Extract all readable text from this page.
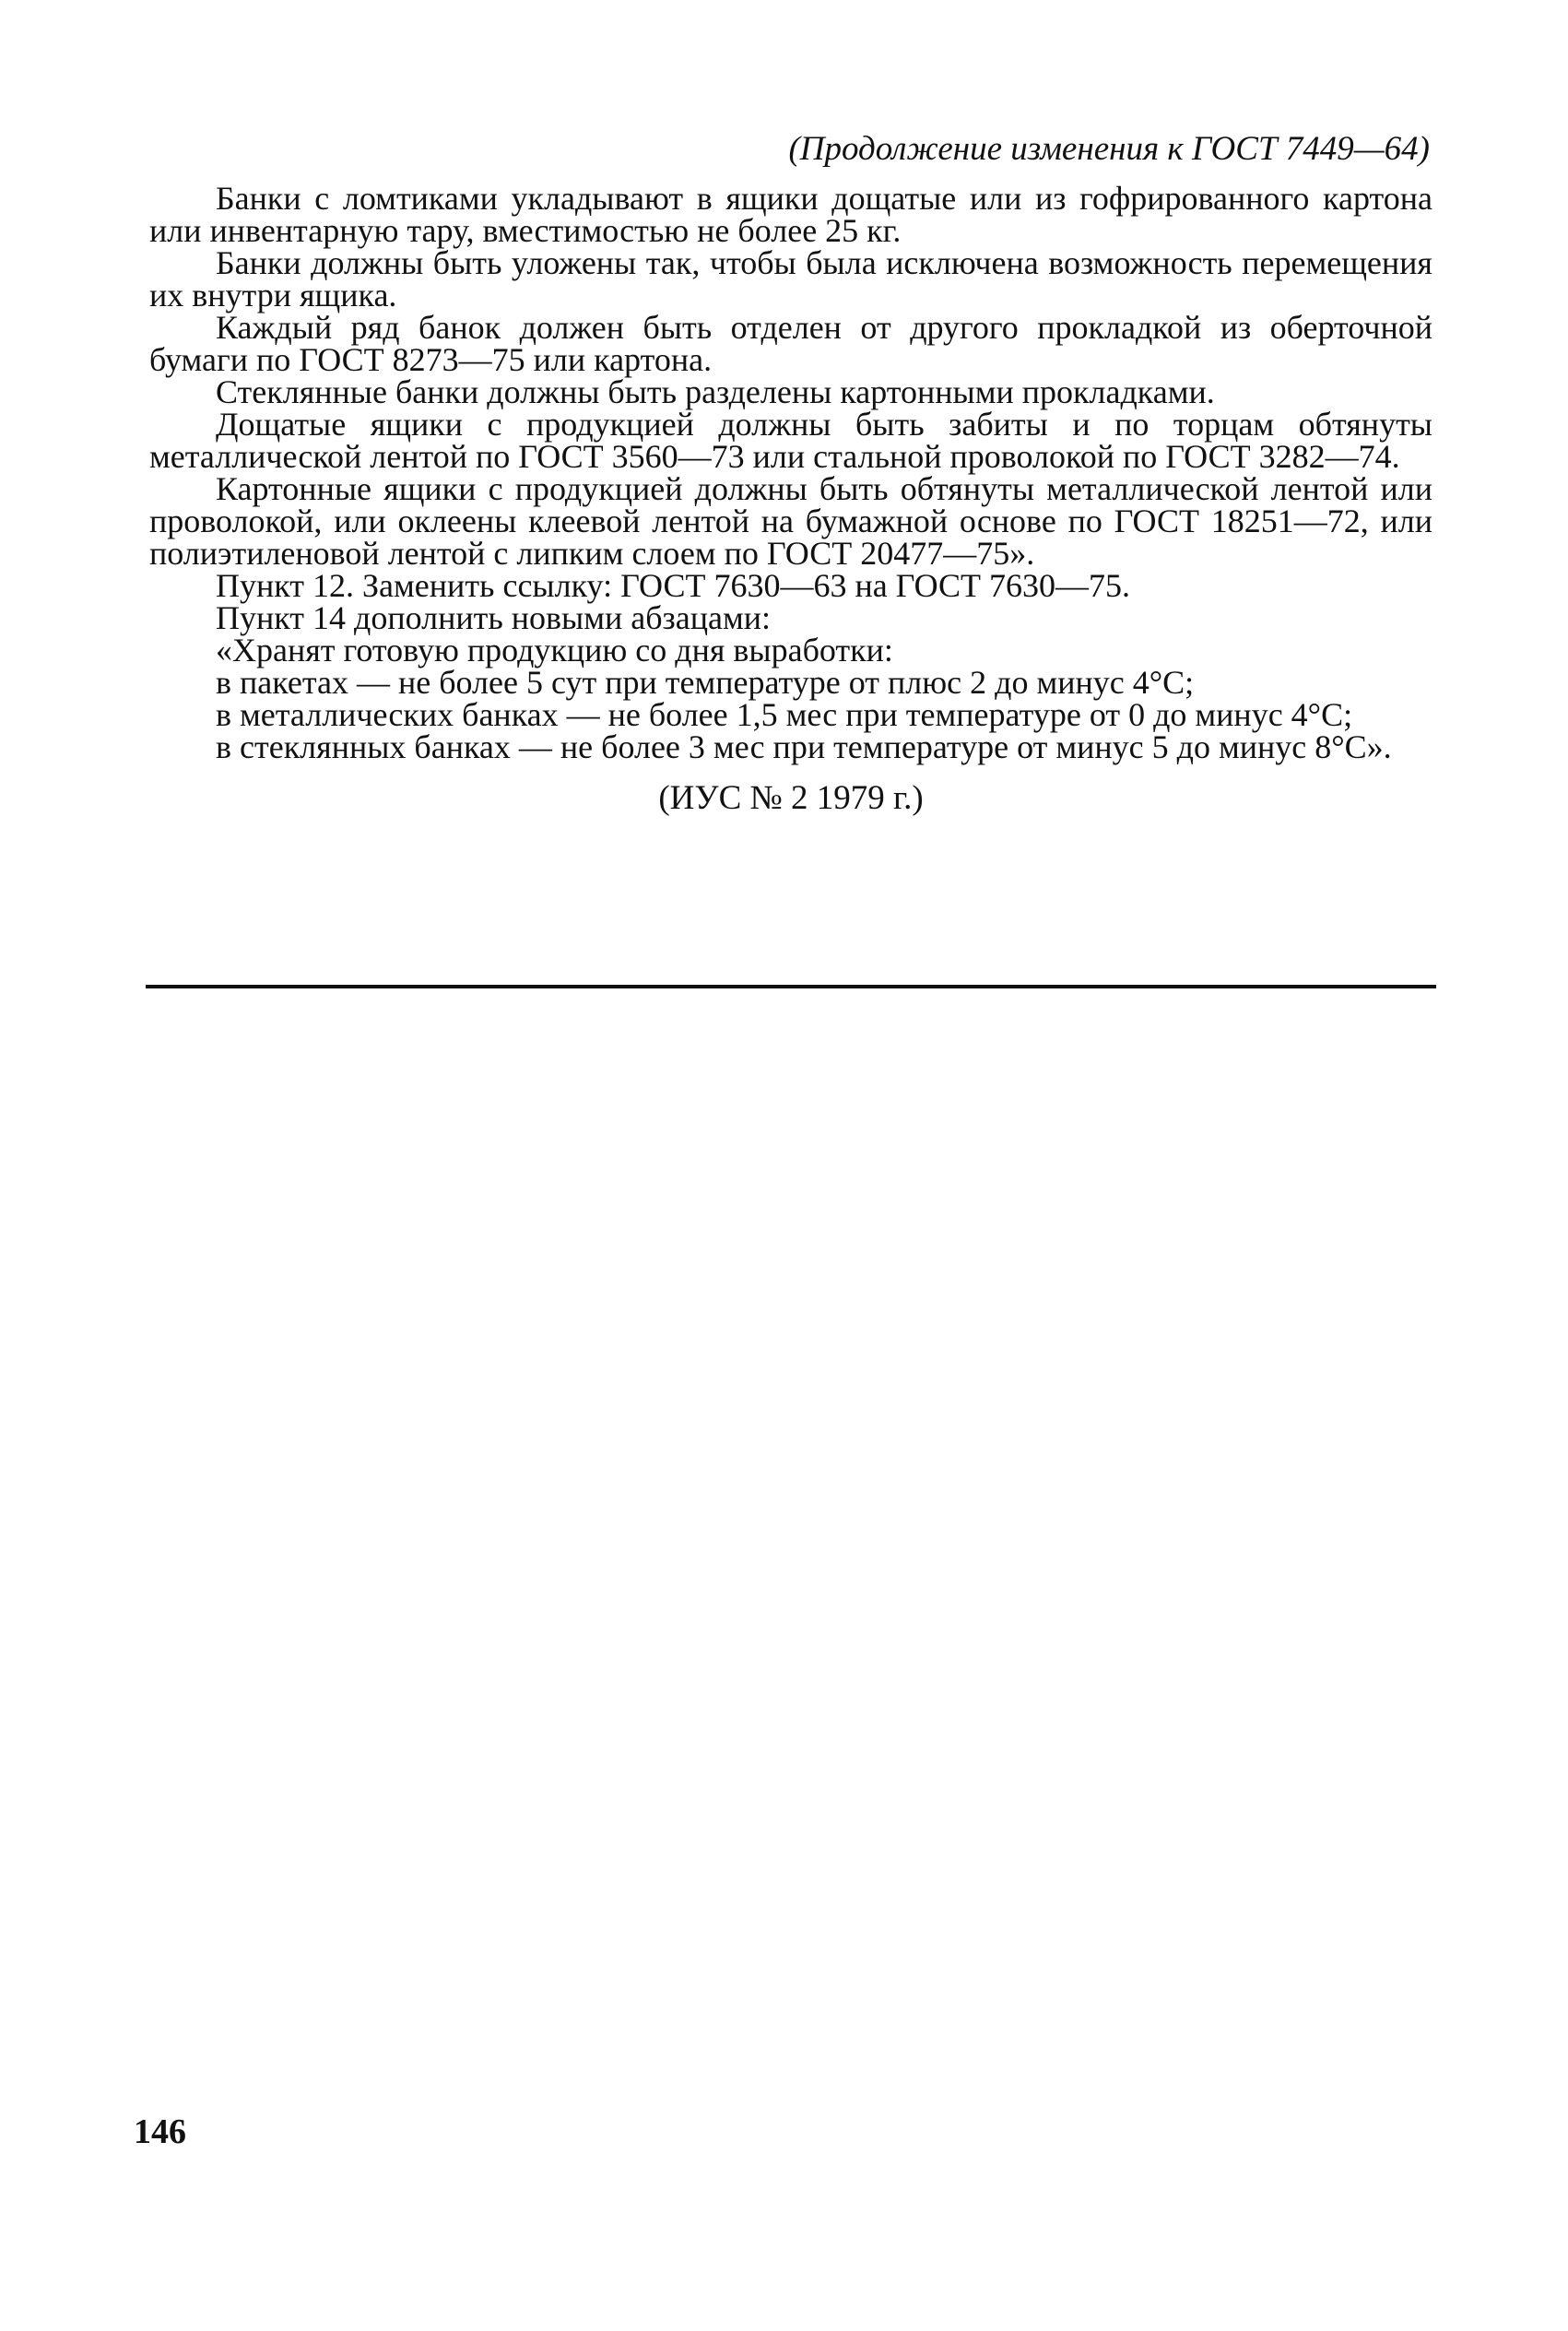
(Продолжение изменения к ГОСТ 7449—64)

Банки с ломтиками укладывают в ящики дощатые или из гофрированного картона или инвентарную тару, вместимостью не более 25 кг.

Банки должны быть уложены так, чтобы была исключена возможность перемещения их внутри ящика.

Каждый ряд банок должен быть отделен от другого прокладкой из оберточной бумаги по ГОСТ 8273—75 или картона.

Стеклянные банки должны быть разделены картонными прокладками.

Дощатые ящики с продукцией должны быть забиты и по торцам обтянуты металлической лентой по ГОСТ 3560—73 или стальной проволокой по ГОСТ 3282—74.

Картонные ящики с продукцией должны быть обтянуты металлической лентой или проволокой, или оклеены клеевой лентой на бумажной основе по ГОСТ 18251—72, или полиэтиленовой лентой с липким слоем по ГОСТ 20477—75».

Пункт 12. Заменить ссылку: ГОСТ 7630—63 на ГОСТ 7630—75.

Пункт 14 дополнить новыми абзацами:

«Хранят готовую продукцию со дня выработки:

в пакетах — не более 5 сут при температуре от плюс 2 до минус 4°С;

в металлических банках — не более 1,5 мес при температуре от 0 до минус 4°С;

в стеклянных банках — не более 3 мес при температуре от минус 5 до минус 8°С».

(ИУС № 2 1979 г.)

146
